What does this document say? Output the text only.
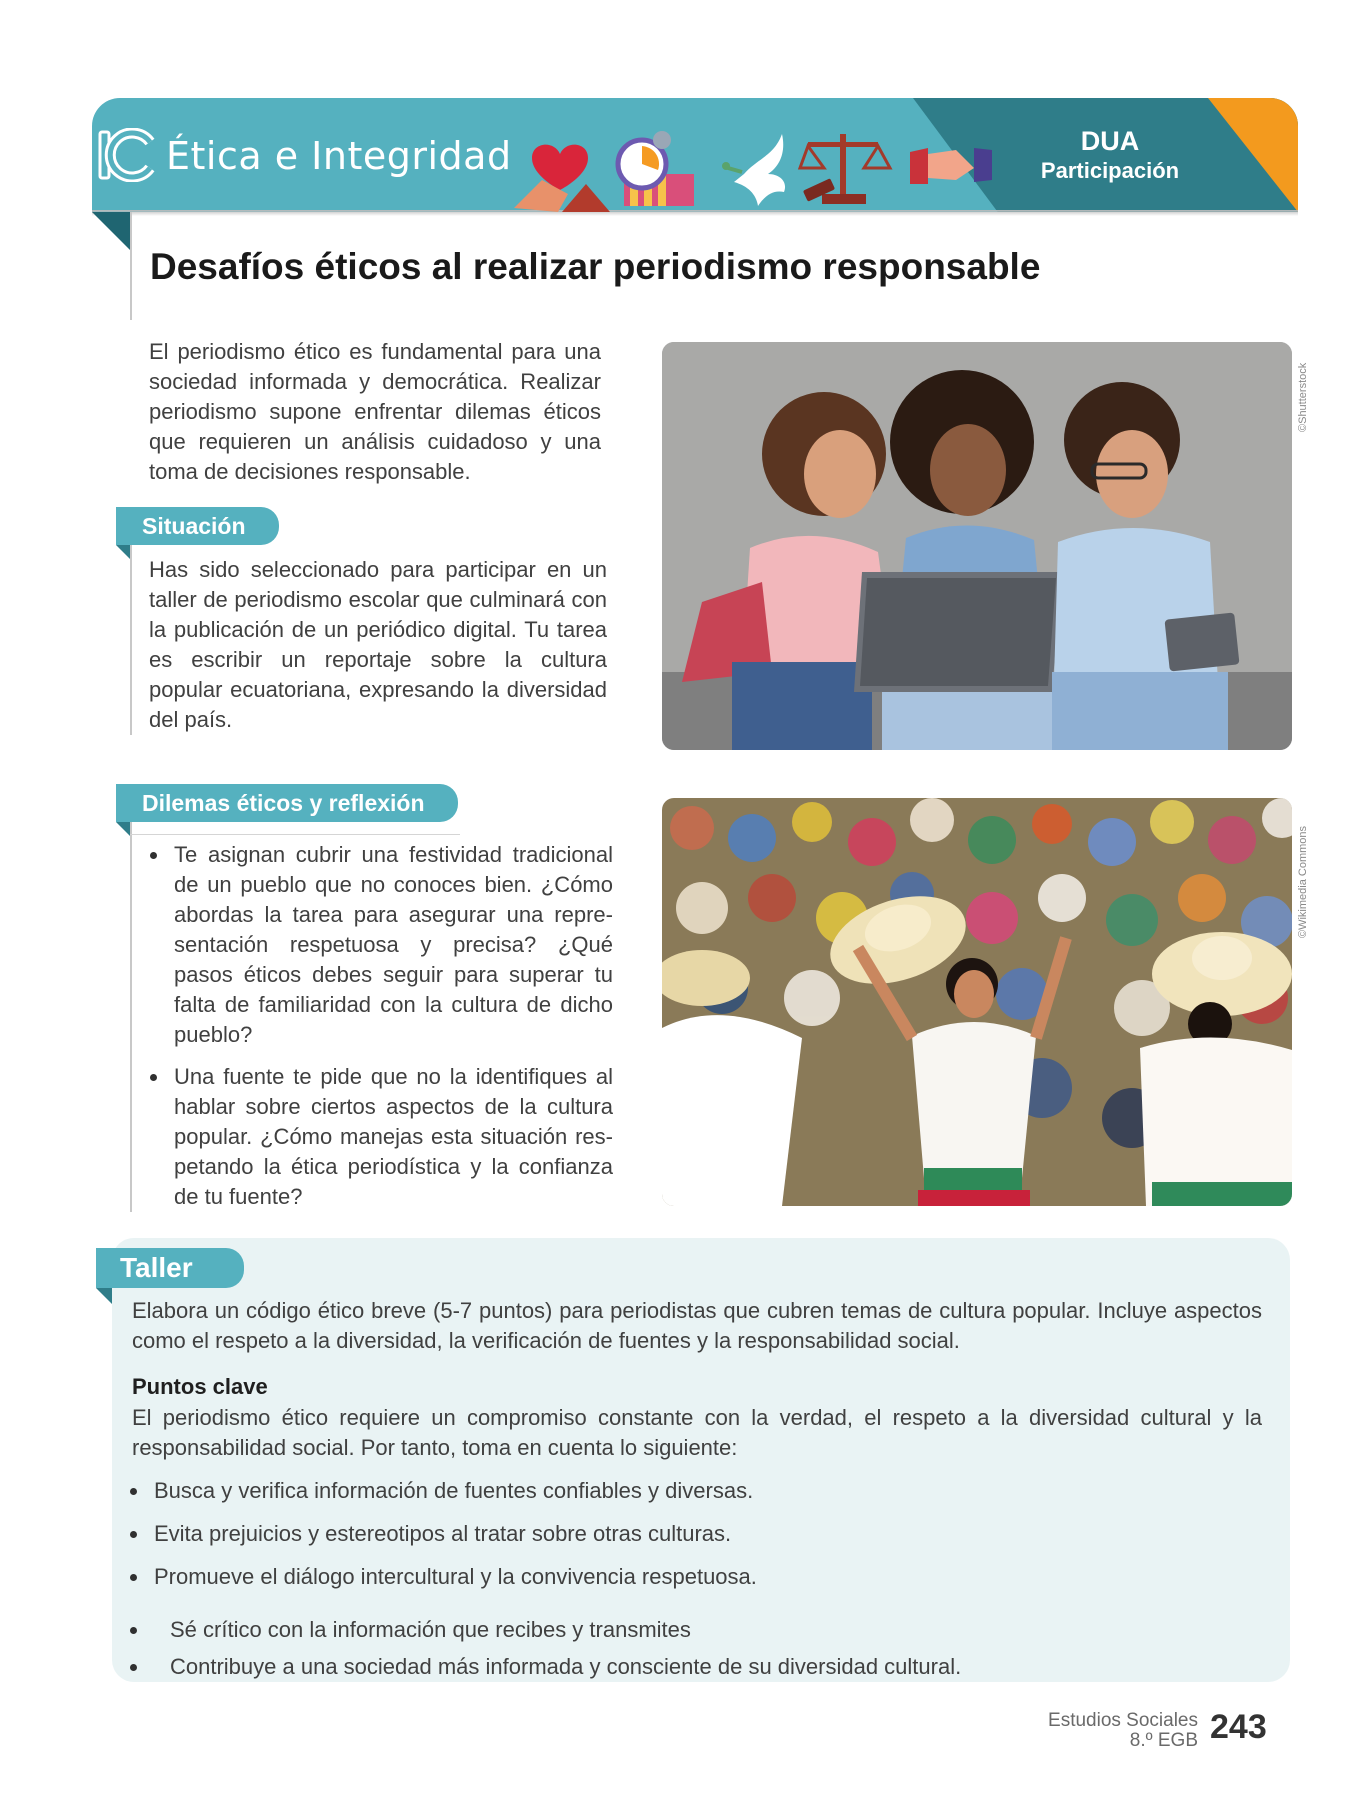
Ética e Integridad	DUA
Participación
Desafíos éticos al realizar periodismo responsable

El periodismo ético es fundamental para una sociedad informada y democrática. Realizar periodismo supone enfrentar dilemas éticos que requieren un análisis cuidadoso y una toma de decisiones responsable.

Situación

Has sido seleccionado para participar en un taller de periodismo escolar que culminará con la publicación de un periódico digital. Tu tarea es escribir un reportaje sobre la cultura popular ecuatoriana, expresando la diversidad del país.

Dilemas éticos y reflexión
Te asignan cubrir una festividad tradicional de un pueblo que no conoces bien. ¿Cómo abordas la tarea para asegurar una repre-sentación respetuosa y precisa? ¿Qué pasos éticos debes seguir para superar tu falta de familiaridad con la cultura de dicho pueblo?
Una fuente te pide que no la identifiques al hablar sobre ciertos aspectos de la cultura popular. ¿Cómo manejas esta situación res-petando la ética periodística y la confianza de tu fuente?
©Shutterstock
©Wikimedia Commons
Taller

Elabora un código ético breve (5-7 puntos) para periodistas que cubren temas de cultura popular. Incluye aspectos como el respeto a la diversidad, la verificación de fuentes y la responsabilidad social.

Puntos clave

El periodismo ético requiere un compromiso constante con la verdad, el respeto a la diversidad cultural y la responsabilidad social. Por tanto, toma en cuenta lo siguiente:

Busca y verifica información de fuentes confiables y diversas.
Evita prejuicios y estereotipos al tratar sobre otras culturas.
Promueve el diálogo intercultural y la convivencia respetuosa.
Sé crítico con la información que recibes y transmites
Contribuye a una sociedad más informada y consciente de su diversidad cultural.
Estudios Sociales
8.º EGB 243
